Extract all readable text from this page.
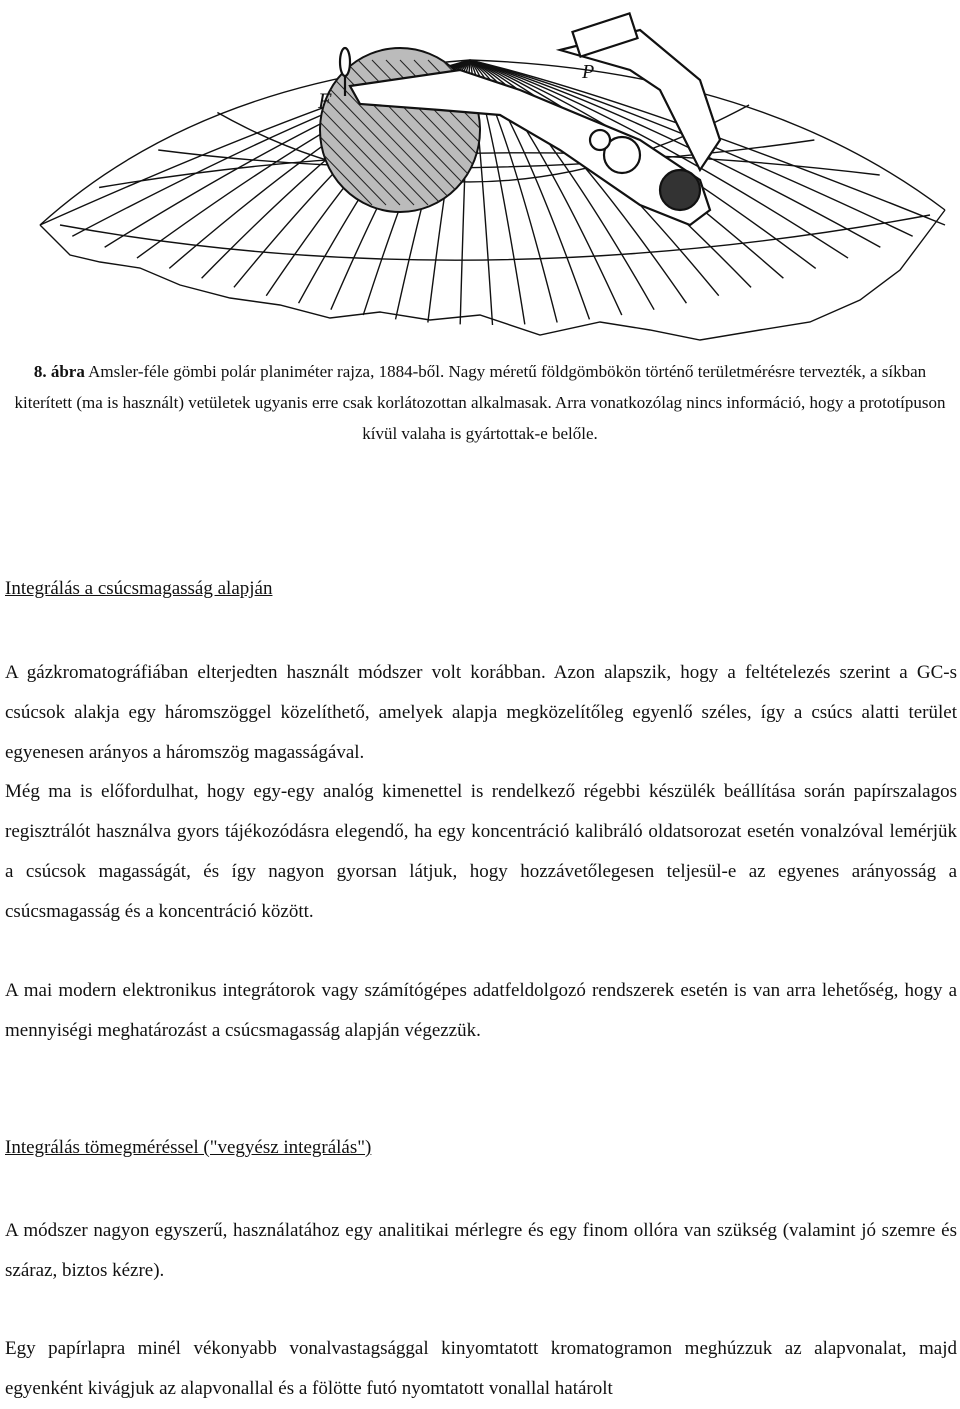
F
P
8. ábra Amsler-féle gömbi polár planiméter rajza, 1884-ből. Nagy méretű földgömbökön történő területmérésre tervezték, a síkban kiterített (ma is használt) vetületek ugyanis erre csak korlátozottan alkalmasak. Arra vonatkozólag nincs információ, hogy a prototípuson kívül valaha is gyártottak-e belőle.
Integrálás a csúcsmagasság alapján

A gázkromatográfiában elterjedten használt módszer volt korábban. Azon alapszik, hogy a feltételezés szerint a GC-s csúcsok alakja egy háromszöggel közelíthető, amelyek alapja megközelítőleg egyenlő széles, így a csúcs alatti terület egyenesen arányos a háromszög magasságával.

Még ma is előfordulhat, hogy egy-egy analóg kimenettel is rendelkező régebbi készülék beállítása során papírszalagos regisztrálót használva gyors tájékozódásra elegendő, ha egy koncentráció kalibráló oldatsorozat esetén vonalzóval lemérjük a csúcsok magasságát, és így nagyon gyorsan látjuk, hogy hozzávetőlegesen teljesül-e az egyenes arányosság a csúcsmagasság és a koncentráció között.

A mai modern elektronikus integrátorok vagy számítógépes adatfeldolgozó rendszerek esetén is van arra lehetőség, hogy a mennyiségi meghatározást a csúcsmagasság alapján végezzük.

Integrálás tömegméréssel ("vegyész integrálás")

A módszer nagyon egyszerű, használatához egy analitikai mérlegre és egy finom ollóra van szükség (valamint jó szemre és száraz, biztos kézre).

Egy papírlapra minél vékonyabb vonalvastagsággal kinyomtatott kromatogramon meghúzzuk az alapvonalat, majd egyenként kivágjuk az alapvonallal és a fölötte futó nyomtatott vonallal határolt
